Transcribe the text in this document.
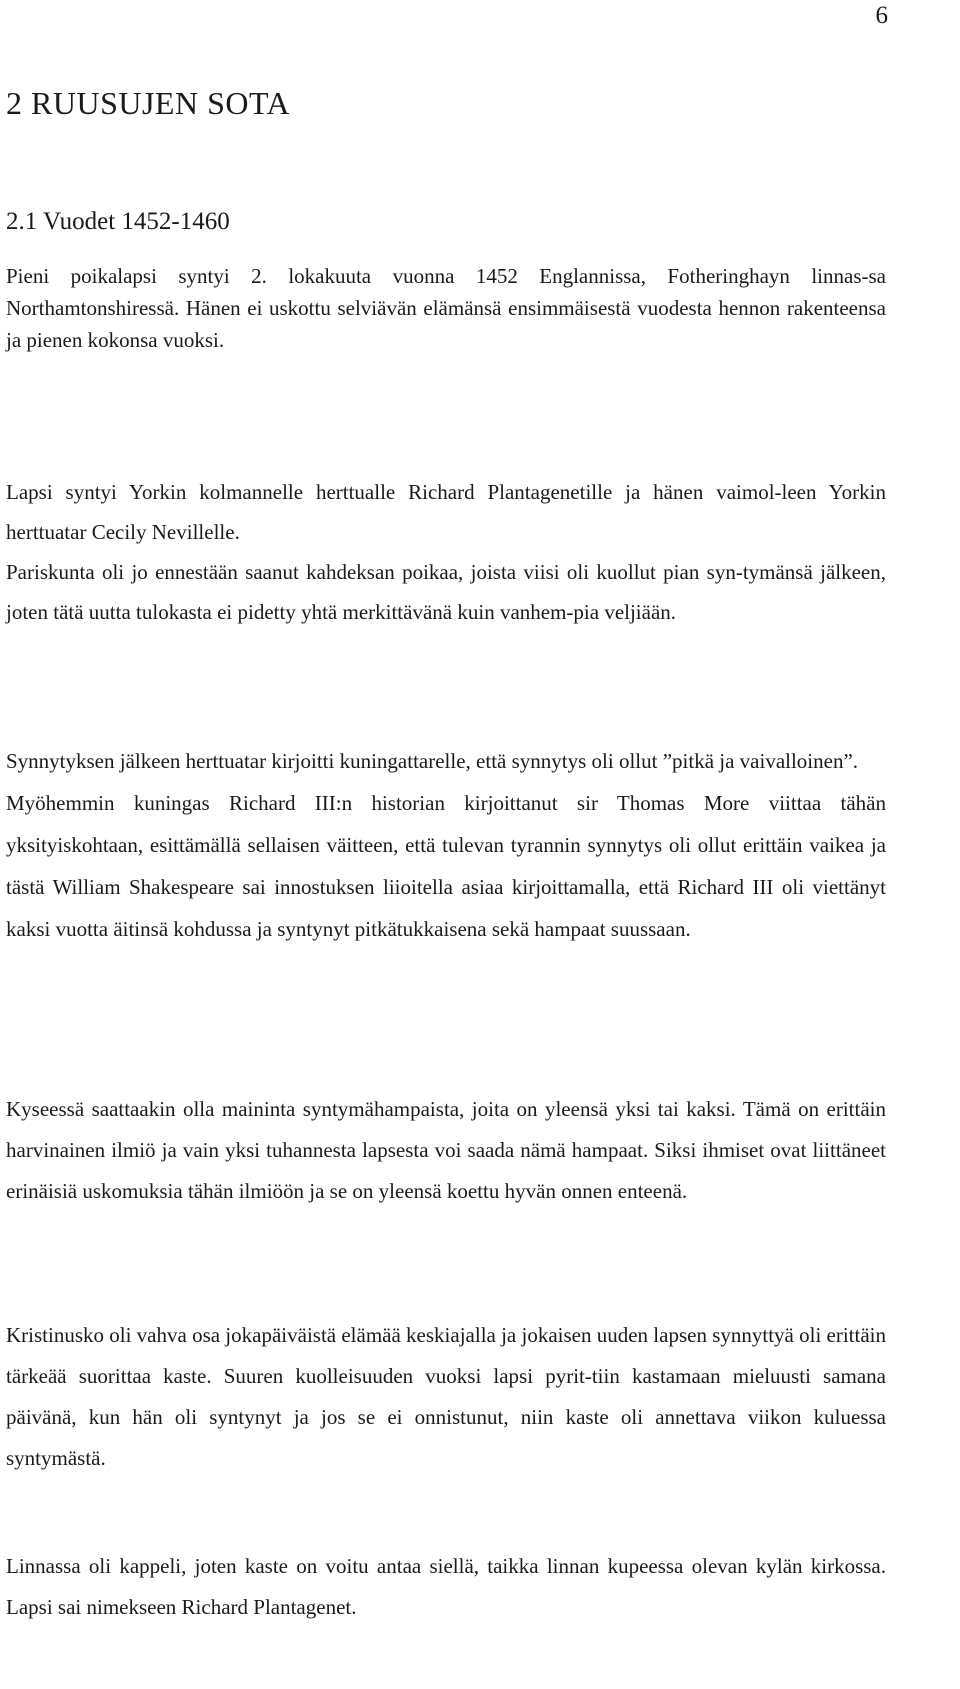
6
2 RUUSUJEN SOTA
2.1 Vuodet 1452-1460

Pieni poikalapsi syntyi 2. lokakuuta vuonna 1452 Englannissa, Fotheringhayn linnas-sa Northamtonshiressä. Hänen ei uskottu selviävän elämänsä ensimmäisestä vuodesta hennon rakenteensa ja pienen kokonsa vuoksi.

Lapsi syntyi Yorkin kolmannelle herttualle Richard Plantagenetille ja hänen vaimol-leen Yorkin herttuatar Cecily Nevillelle.

Pariskunta oli jo ennestään saanut kahdeksan poikaa, joista viisi oli kuollut pian syn-tymänsä jälkeen, joten tätä uutta tulokasta ei pidetty yhtä merkittävänä kuin vanhem-pia veljiään.

Synnytyksen jälkeen herttuatar kirjoitti kuningattarelle, että synnytys oli ollut ”pitkä ja vaivalloinen”.

Myöhemmin kuningas Richard III:n historian kirjoittanut sir Thomas More viittaa tähän yksityiskohtaan, esittämällä sellaisen väitteen, että tulevan tyrannin synnytys oli ollut erittäin vaikea ja tästä William Shakespeare sai innostuksen liioitella asiaa kirjoittamalla, että Richard III oli viettänyt kaksi vuotta äitinsä kohdussa ja syntynyt pitkätukkaisena sekä hampaat suussaan.

Kyseessä saattaakin olla maininta syntymähampaista, joita on yleensä yksi tai kaksi. Tämä on erittäin harvinainen ilmiö ja vain yksi tuhannesta lapsesta voi saada nämä hampaat. Siksi ihmiset ovat liittäneet erinäisiä uskomuksia tähän ilmiöön ja se on yleensä koettu hyvän onnen enteenä.

Kristinusko oli vahva osa jokapäiväistä elämää keskiajalla ja jokaisen uuden lapsen synnyttyä oli erittäin tärkeää suorittaa kaste. Suuren kuolleisuuden vuoksi lapsi pyrit-tiin kastamaan mieluusti samana päivänä, kun hän oli syntynyt ja jos se ei onnistunut, niin kaste oli annettava viikon kuluessa syntymästä.

Linnassa oli kappeli, joten kaste on voitu antaa siellä, taikka linnan kupeessa olevan kylän kirkossa. Lapsi sai nimekseen Richard Plantagenet.
